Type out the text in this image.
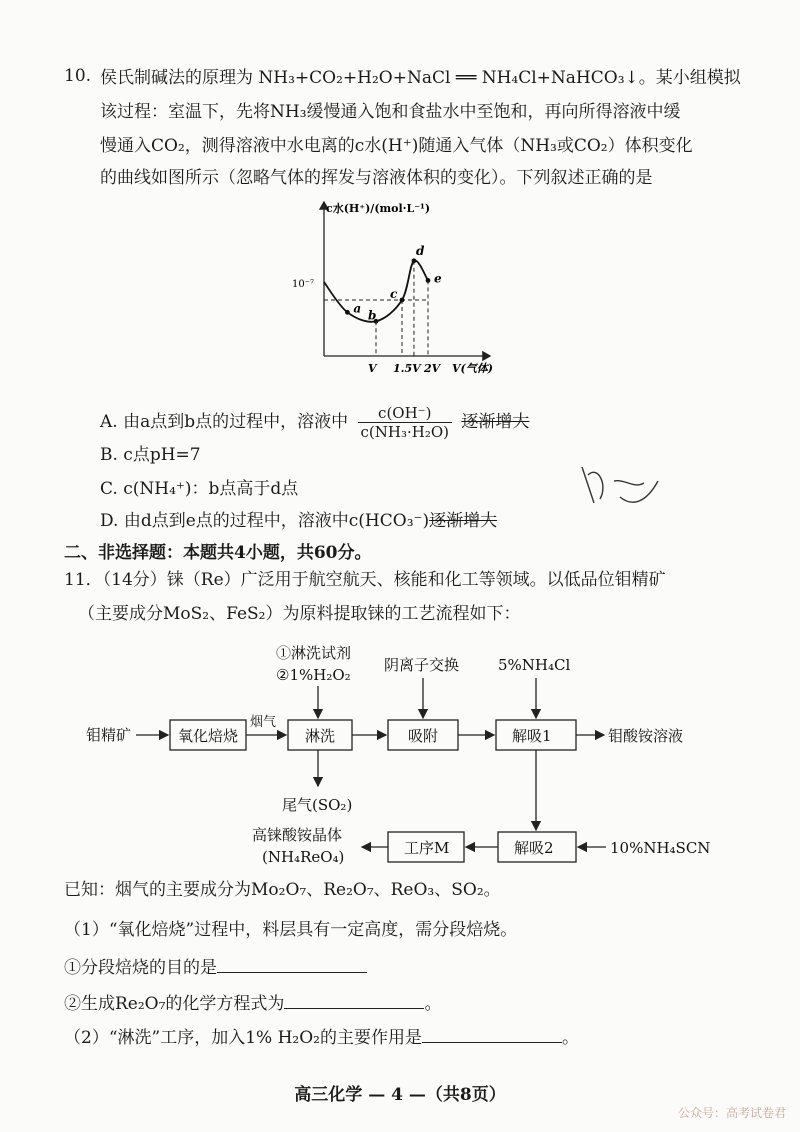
10. 侯氏制碱法的原理为 NH₃+CO₂+H₂O+NaCl ══ NH₄Cl+NaHCO₃↓。某小组模拟
该过程：室温下，先将NH₃缓慢通入饱和食盐水中至饱和，再向所得溶液中缓
慢通入CO₂，测得溶液中水电离的c水(H⁺)随通入气体（NH₃或CO₂）体积变化
的曲线如图所示（忽略气体的挥发与溶液体积的变化）。下列叙述正确的是
c水(H⁺)/(mol·L⁻¹)
V(气体)
10⁻⁷
V 1.5V 2V
a b
c
d
e
A. 由a点到b点的过程中，溶液中 $\frac{c(OH^-)}{\text{c(NH₃·H₂O)}}$ 逐渐增大
B. c点pH=7
C. c(NH₄⁺)：b点高于d点
D. 由d点到e点的过程中，溶液中c(HCO₃⁻)逐渐增大
二、非选择题：本题共4小题，共60分。
11．（14分）铼（Re）广泛用于航空航天、核能和化工等领域。以低品位钼精矿
（主要成分MoS₂、FeS₂）为原料提取铼的工艺流程如下：
①淋洗试剂
②1%H₂O₂
阴离子交换	5%NH₄Cl
钼精矿	氧化焙烧
烟气
淋洗
尾气(SO₂)
吸附	解吸1	钼酸铵溶液
解吸2	10%NH₄SCN
工序M
高铼酸铵晶体
(NH₄ReO₄)
已知：烟气的主要成分为Mo₂O₇、Re₂O₇、ReO₃、SO₂。
（1）“氧化焙烧”过程中，料层具有一定高度，需分段焙烧。
①分段焙烧的目的是
②生成Re₂O₇的化学方程式为	。
（2）“淋洗”工序，加入1% H₂O₂的主要作用是	。
高三化学 — 4 —（共8页）
公众号：高考试卷君
